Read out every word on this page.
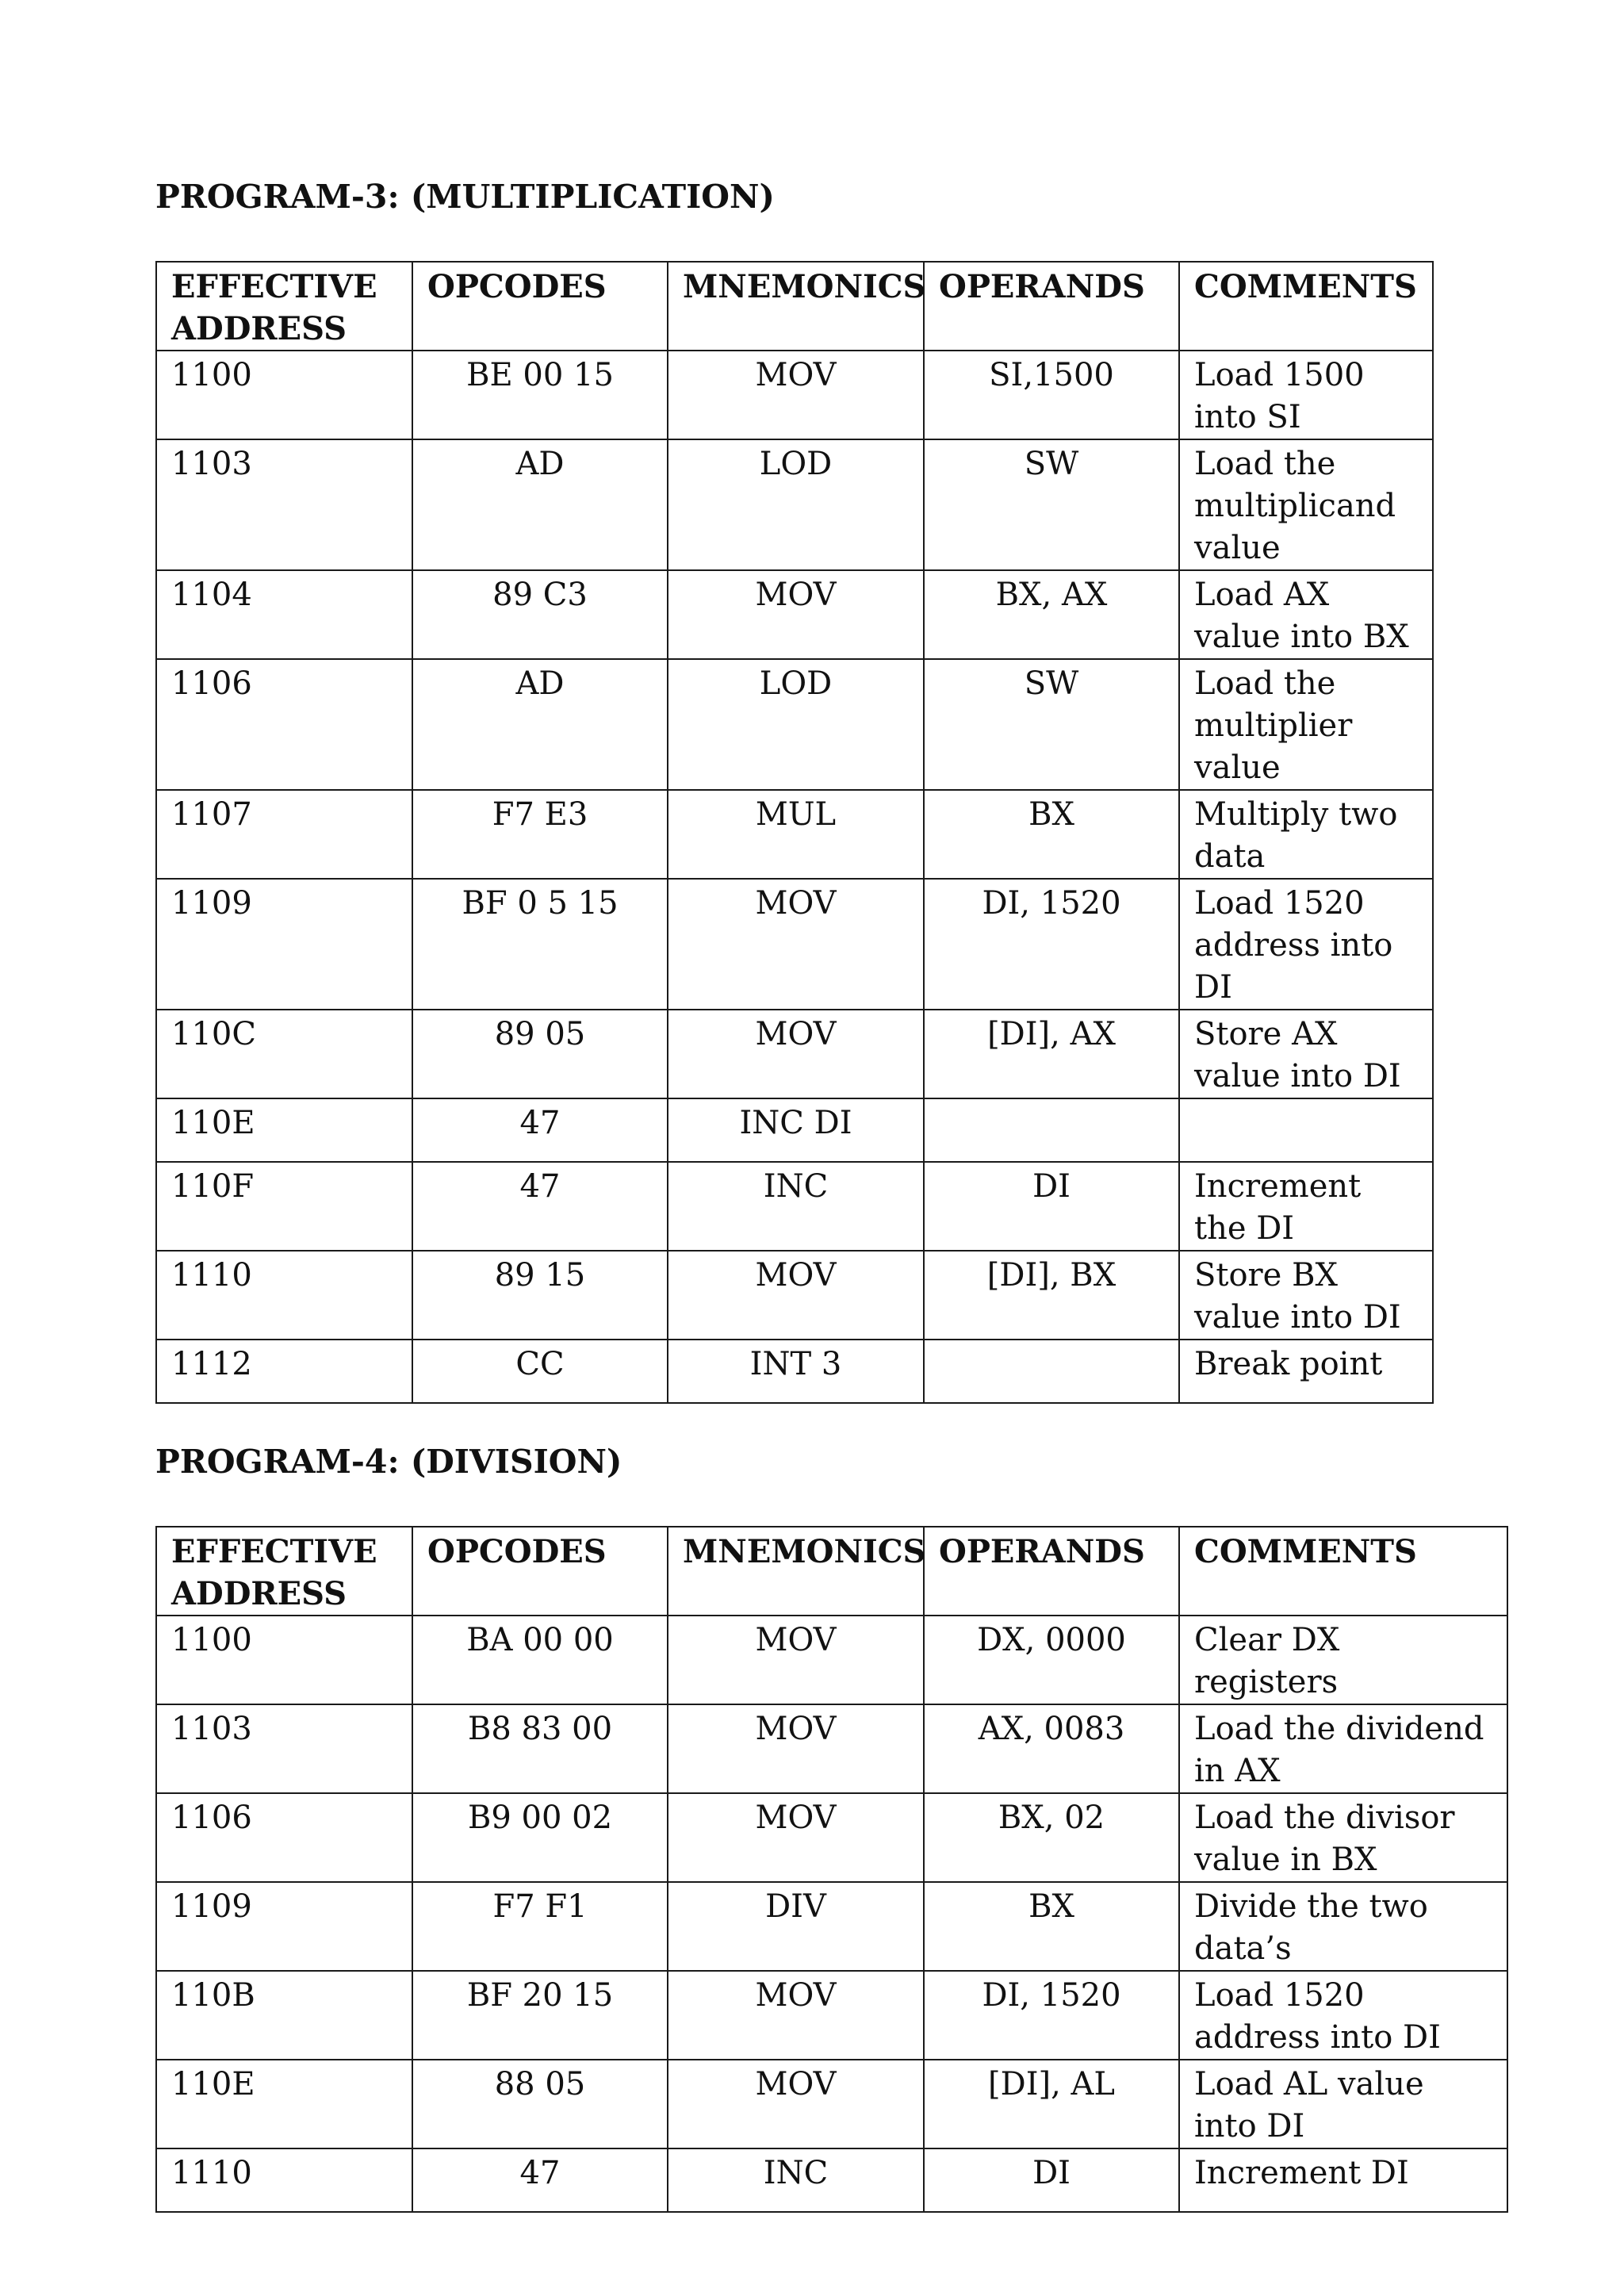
PROGRAM-3: (MULTIPLICATION)
EFFECTIVE ADDRESS	OPCODES	MNEMONICS	OPERANDS	COMMENTS
1100	BE 00 15	MOV	SI,1500	Load 1500 into SI
1103	AD	LOD	SW	Load the multiplicand value
1104	89 C3	MOV	BX, AX	Load AX value into BX
1106	AD	LOD	SW	Load the multiplier value
1107	F7 E3	MUL	BX	Multiply two data
1109	BF 0 5 15	MOV	DI, 1520	Load 1520 address into DI
110C	89 05	MOV	[DI], AX	Store AX value into DI
110E	47	INC DI		
110F	47	INC	DI	Increment the DI
1110	89 15	MOV	[DI], BX	Store BX value into DI
1112	CC	INT 3		Break point
PROGRAM-4: (DIVISION)
EFFECTIVE ADDRESS	OPCODES	MNEMONICS	OPERANDS	COMMENTS
1100	BA 00 00	MOV	DX, 0000	Clear DX registers
1103	B8 83 00	MOV	AX, 0083	Load the dividend in AX
1106	B9 00 02	MOV	BX, 02	Load the divisor value in BX
1109	F7 F1	DIV	BX	Divide the two data’s
110B	BF 20 15	MOV	DI, 1520	Load 1520 address into DI
110E	88 05	MOV	[DI], AL	Load AL value into DI
1110	47	INC	DI	Increment DI
